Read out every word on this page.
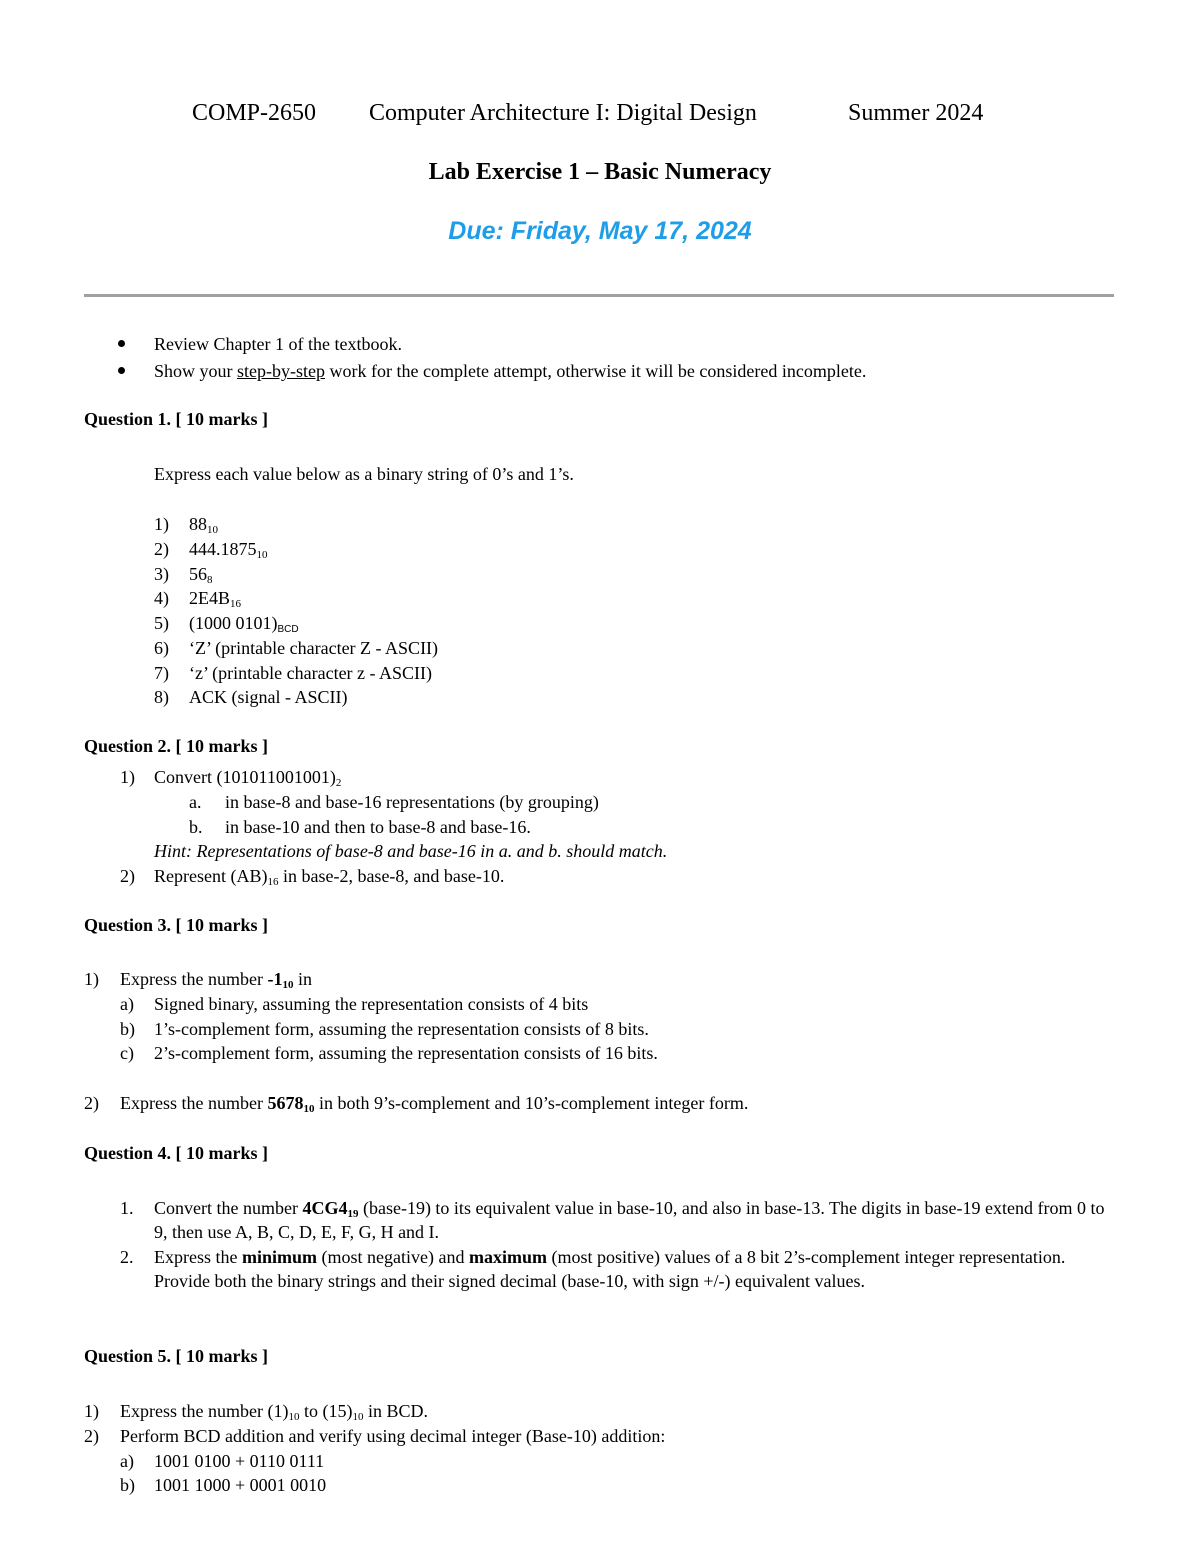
COMP-2650 Computer Architecture I: Digital Design	Summer 2024
Lab Exercise 1 – Basic Numeracy
Due: Friday, May 17, 2024
Review Chapter 1 of the textbook.
Show your step-by-step work for the complete attempt, otherwise it will be considered incomplete.
Question 1. [ 10 marks ]
Express each value below as a binary string of 0’s and 1’s.
1) $88_{10}$
2) $444.1875_{10}$
3) $56_8$
4) $2E4B_{16}$
5) (1000 $0101)_{BCD}$
6) ‘Z’ (printable character Z - ASCII)
7) ‘z’ (printable character z - ASCII)
8) ACK (signal - ASCII)
Question 2. [ 10 marks ]
1) Convert $(101011001001)_2$
a. in base-8 and base-16 representations (by grouping)
b. in base-10 and then to base-8 and base-16.
Hint: Representations of base-8 and base-16 in a. and b. should match.
2) Represent $(AB)_{16}$ in base-2, base-8, and base-10.
Question 3. [ 10 marks ]
1) Express the number $-1_{10}$ in
a) Signed binary, assuming the representation consists of 4 bits
b) 1’s-complement form, assuming the representation consists of 8 bits.
c) 2’s-complement form, assuming the representation consists of 16 bits.
2) Express the number $5678_{10}$ in both 9’s-complement and 10’s-complement integer form.
Question 4. [ 10 marks ]
1. Convert the number $4CG4_{19}$ (base-19) to its equivalent value in base-10, and also in base-13. The digits in base-19 extend from 0 to 9, then use A, B, C, D, E, F, G, H and I.
2. Express the minimum (most negative) and maximum (most positive) values of a 8 bit 2’s-complement integer representation. Provide both the binary strings and their signed decimal (base-10, with sign +/-) equivalent values.
Question 5. [ 10 marks ]
1) Express the number $(1)_{10}$ to $(15)_{10}$ in BCD.
2) Perform BCD addition and verify using decimal integer (Base-10) addition:
a) 1001 0100 + 0110 0111
b) 1001 1000 + 0001 0010
